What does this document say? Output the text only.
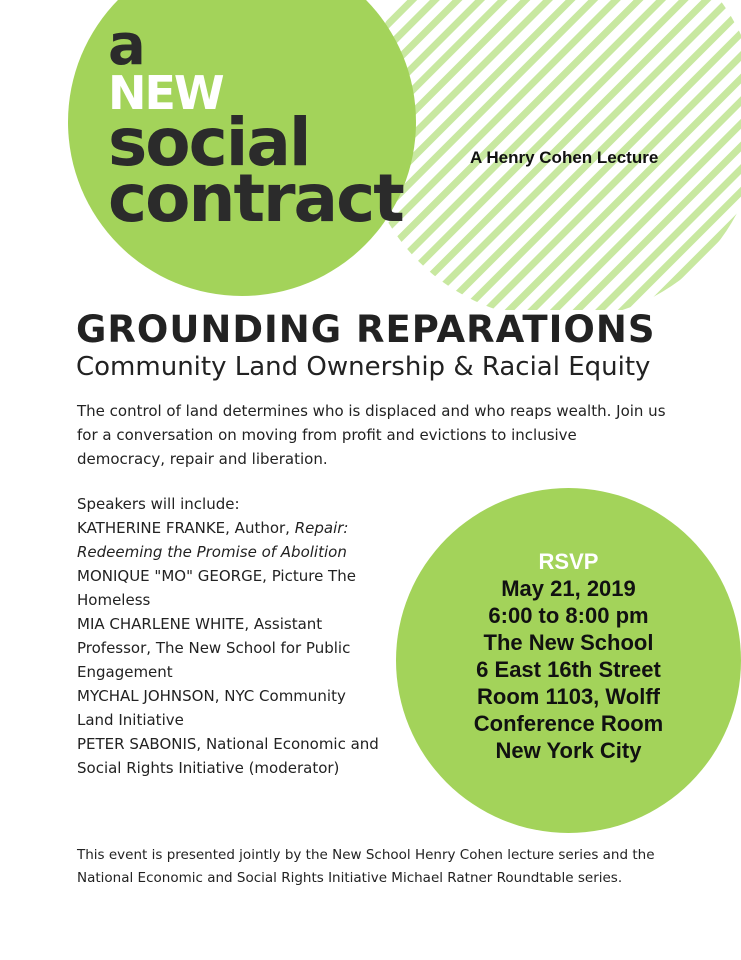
a
NEW
social
contract
A Henry Cohen Lecture
GROUNDING REPARATIONS
Community Land Ownership & Racial Equity
The control of land determines who is displaced and who reaps wealth. Join us for a conversation on moving from profit and evictions to inclusive democracy, repair and liberation.

Speakers will include:

KATHERINE FRANKE, Author, Repair: Redeeming the Promise of Abolition

MONIQUE "MO" GEORGE, Picture The Homeless

MIA CHARLENE WHITE, Assistant Professor, The New School for Public Engagement

MYCHAL JOHNSON, NYC Community Land Initiative

PETER SABONIS, National Economic and Social Rights Initiative (moderator)

RSVP
May 21, 2019
6:00 to 8:00 pm
The New School
6 East 16th Street
Room 1103, Wolff
Conference Room
New York City
This event is presented jointly by the New School Henry Cohen lecture series and the National Economic and Social Rights Initiative Michael Ratner Roundtable series.
